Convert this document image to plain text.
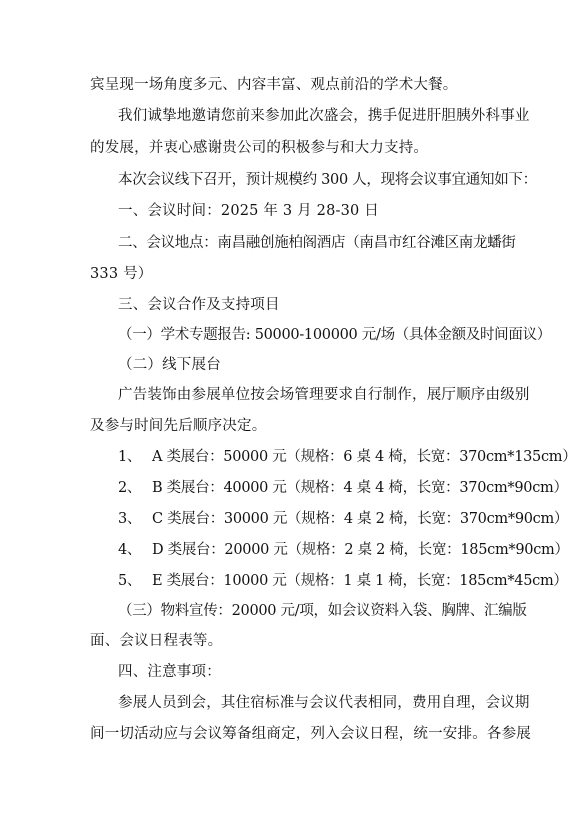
宾呈现一场角度多元、内容丰富、观点前沿的学术大餐。
我们诚挚地邀请您前来参加此次盛会，携手促进肝胆胰外科事业
的发展，并衷心感谢贵公司的积极参与和大力支持。
本次会议线下召开，预计规模约 300 人，现将会议事宜通知如下：
一、会议时间：2025 年 3 月 28-30 日
二、会议地点：南昌融创施柏阁酒店（南昌市红谷滩区南龙蟠街
333 号）
三、会议合作及支持项目
（一）学术专题报告: 50000-100000 元/场（具体金额及时间面议）
（二）线下展台
广告装饰由参展单位按会场管理要求自行制作，展厅顺序由级别
及参与时间先后顺序决定。
1、 A 类展台：50000 元（规格：6 桌 4 椅，长宽：370cm*135cm）
2、 B 类展台：40000 元（规格：4 桌 4 椅，长宽：370cm*90cm）
3、 C 类展台：30000 元（规格：4 桌 2 椅，长宽：370cm*90cm）
4、 D 类展台：20000 元（规格：2 桌 2 椅，长宽：185cm*90cm）
5、 E 类展台：10000 元（规格：1 桌 1 椅，长宽：185cm*45cm）
（三）物料宣传：20000 元/项，如会议资料入袋、胸牌、汇编版
面、会议日程表等。
四、注意事项：
参展人员到会，其住宿标准与会议代表相同，费用自理，会议期
间一切活动应与会议筹备组商定，列入会议日程，统一安排。各参展
